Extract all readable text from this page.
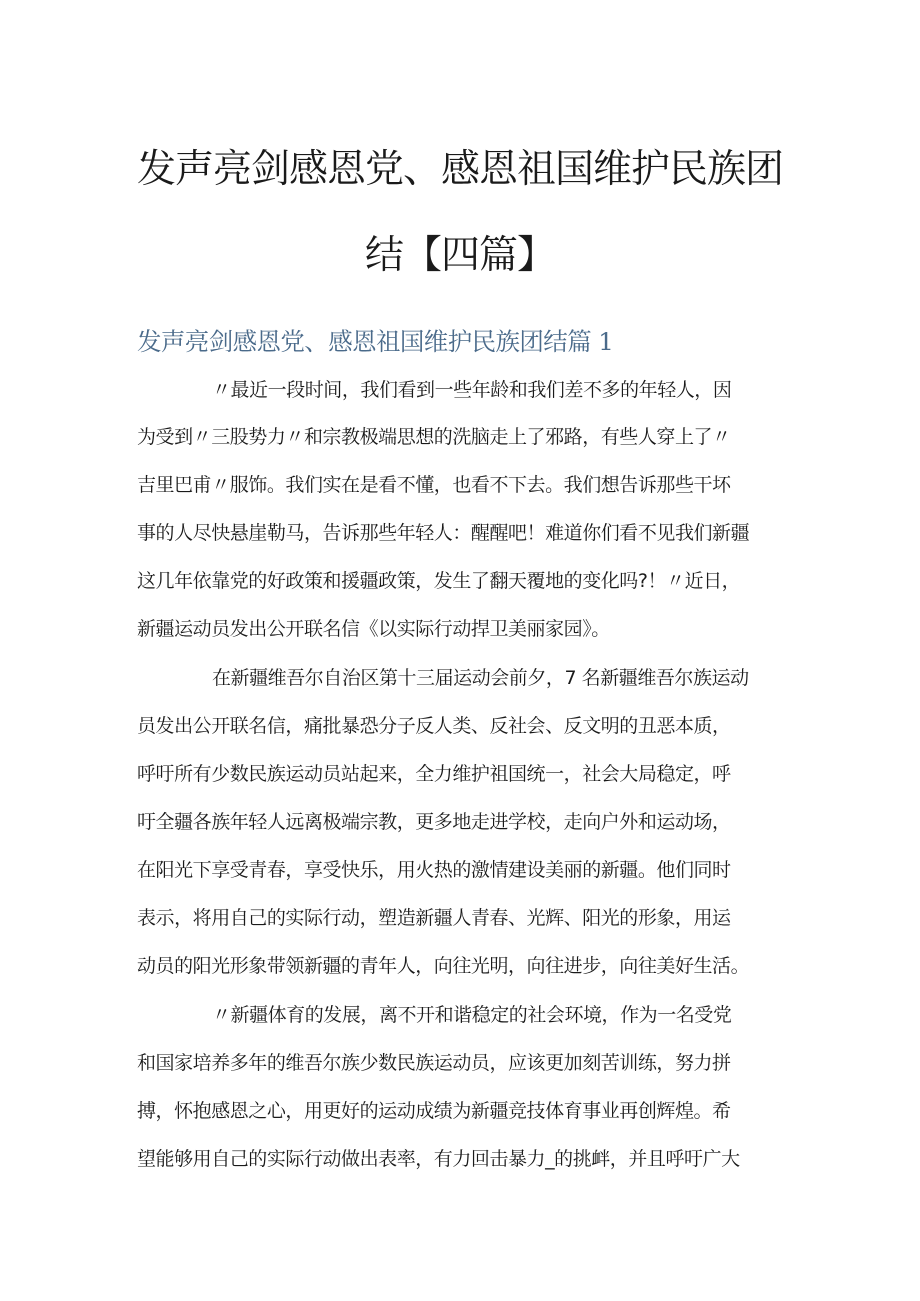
发声亮剑感恩党、感恩祖国维护民族团
结【四篇】
发声亮剑感恩党、感恩祖国维护民族团结篇 1

〃最近一段时间，我们看到一些年龄和我们差不多的年轻人，因

为受到〃三股势力〃和宗教极端思想的洗脑走上了邪路，有些人穿上了〃

吉里巴甫〃服饰。我们实在是看不懂，也看不下去。我们想告诉那些干坏

事的人尽快悬崖勒马，告诉那些年轻人：醒醒吧！难道你们看不见我们新疆

这几年依靠党的好政策和援疆政策，发生了翻天覆地的变化吗?！〃近日，

新疆运动员发出公开联名信《以实际行动捍卫美丽家园》。

在新疆维吾尔自治区第十三届运动会前夕，7 名新疆维吾尔族运动

员发出公开联名信，痛批暴恐分子反人类、反社会、反文明的丑恶本质，

呼吁所有少数民族运动员站起来，全力维护祖国统一，社会大局稳定，呼

吁全疆各族年轻人远离极端宗教，更多地走进学校，走向户外和运动场，

在阳光下享受青春，享受快乐，用火热的激情建设美丽的新疆。他们同时

表示，将用自己的实际行动，塑造新疆人青春、光辉、阳光的形象，用运

动员的阳光形象带领新疆的青年人，向往光明，向往进步，向往美好生活。

〃新疆体育的发展，离不开和谐稳定的社会环境，作为一名受党

和国家培养多年的维吾尔族少数民族运动员，应该更加刻苦训练，努力拼

搏，怀抱感恩之心，用更好的运动成绩为新疆竞技体育事业再创辉煌。希

望能够用自己的实际行动做出表率，有力回击暴力_的挑衅，并且呼吁广大
